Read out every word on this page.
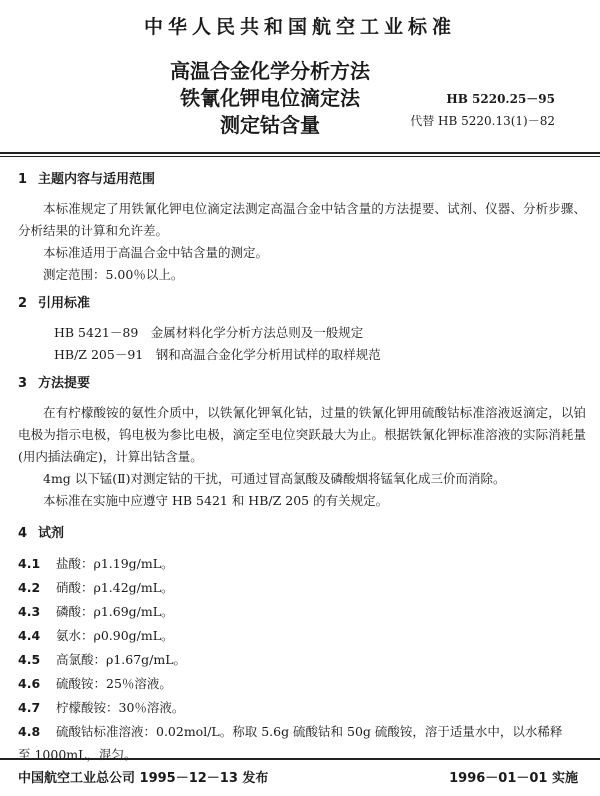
中华人民共和国航空工业标准
高温合金化学分析方法
铁氰化钾电位滴定法
测定钴含量
HB 5220.25－95
代替 HB 5220.13(1)－82
1 主题内容与适用范围

本标准规定了用铁氰化钾电位滴定法测定高温合金中钴含量的方法提要、试剂、仪器、分析步骤、分析结果的计算和允许差。

本标准适用于高温合金中钴含量的测定。

测定范围：5.00％以上。

2 引用标准

HB 5421－89　金属材料化学分析方法总则及一般规定

HB/Z 205－91　钢和高温合金化学分析用试样的取样规范

3 方法提要

在有柠檬酸铵的氨性介质中，以铁氰化钾氧化钴，过量的铁氰化钾用硫酸钴标准溶液返滴定，以铂电极为指示电极，钨电极为参比电极，滴定至电位突跃最大为止。根据铁氰化钾标准溶液的实际消耗量(用内插法确定)，计算出钴含量。

4mg 以下锰(Ⅱ)对测定钴的干扰，可通过冒高氯酸及磷酸烟将锰氧化成三价而消除。

本标准在实施中应遵守 HB 5421 和 HB/Z 205 的有关规定。

4 试剂
4.1	盐酸：ρ1.19g/mL。
4.2	硝酸：ρ1.42g/mL。
4.3	磷酸：ρ1.69g/mL。
4.4	氨水：ρ0.90g/mL。
4.5	高氯酸：ρ1.67g/mL。
4.6	硫酸铵：25％溶液。
4.7	柠檬酸铵：30％溶液。
4.8	硫酸钴标准溶液：0.02mol/L。称取 5.6g 硫酸钴和 50g 硫酸铵，溶于适量水中，以水稀释

至 1000mL，混匀。

中国航空工业总公司 1995－12－13 发布	1996－01－01 实施
